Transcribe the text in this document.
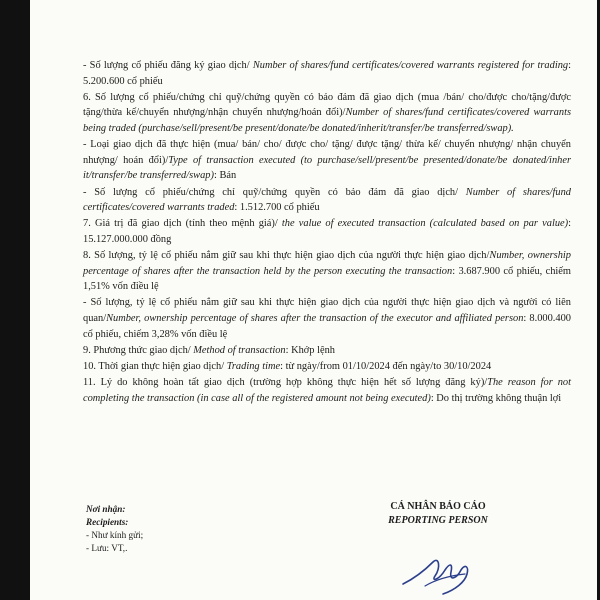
- Số lượng cổ phiếu đăng ký giao dịch/ Number of shares/fund certificates/covered warrants registered for trading: 5.200.600 cổ phiếu

6. Số lượng cổ phiếu/chứng chỉ quỹ/chứng quyền có bảo đảm đã giao dịch (mua /bán/ cho/được cho/tặng/được tặng/thừa kế/chuyển nhượng/nhận chuyển nhượng/hoán đổi)/Number of shares/fund certificates/covered warrants being traded (purchase/sell/present/be present/donate/be donated/inherit/transfer/be transferred/swap).

- Loại giao dịch đã thực hiện (mua/ bán/ cho/ được cho/ tặng/ được tặng/ thừa kế/ chuyển nhượng/ nhận chuyển nhượng/ hoán đổi)/Type of transaction executed (to purchase/sell/present/be presented/donate/be donated/inher it/transfer/be transferred/swap): Bán

- Số lượng cổ phiếu/chứng chỉ quỹ/chứng quyền có bảo đảm đã giao dịch/ Number of shares/fund certificates/covered warrants traded: 1.512.700 cổ phiếu

7. Giá trị đã giao dịch (tính theo mệnh giá)/ the value of executed transaction (calculated based on par value): 15.127.000.000 đồng

8. Số lượng, tỷ lệ cổ phiếu nắm giữ sau khi thực hiện giao dịch của người thực hiện giao dịch/Number, ownership percentage of shares after the transaction held by the person executing the transaction: 3.687.900 cổ phiếu, chiếm 1,51% vốn điều lệ

- Số lượng, tỷ lệ cổ phiếu nắm giữ sau khi thực hiện giao dịch của người thực hiện giao dịch và người có liên quan/Number, ownership percentage of shares after the transaction of the executor and affiliated person: 8.000.400 cổ phiếu, chiếm 3,28% vốn điều lệ

9. Phương thức giao dịch/ Method of transaction: Khớp lệnh

10. Thời gian thực hiện giao dịch/ Trading time: từ ngày/from 01/10/2024 đến ngày/to 30/10/2024

11. Lý do không hoàn tất giao dịch (trường hợp không thực hiện hết số lượng đăng ký)/The reason for not completing the transaction (in case all of the registered amount not being executed): Do thị trường không thuận lợi

Nơi nhận:
Recipients:
- Như kính gửi;
- Lưu: VT,.
CÁ NHÂN BÁO CÁO
REPORTING PERSON
